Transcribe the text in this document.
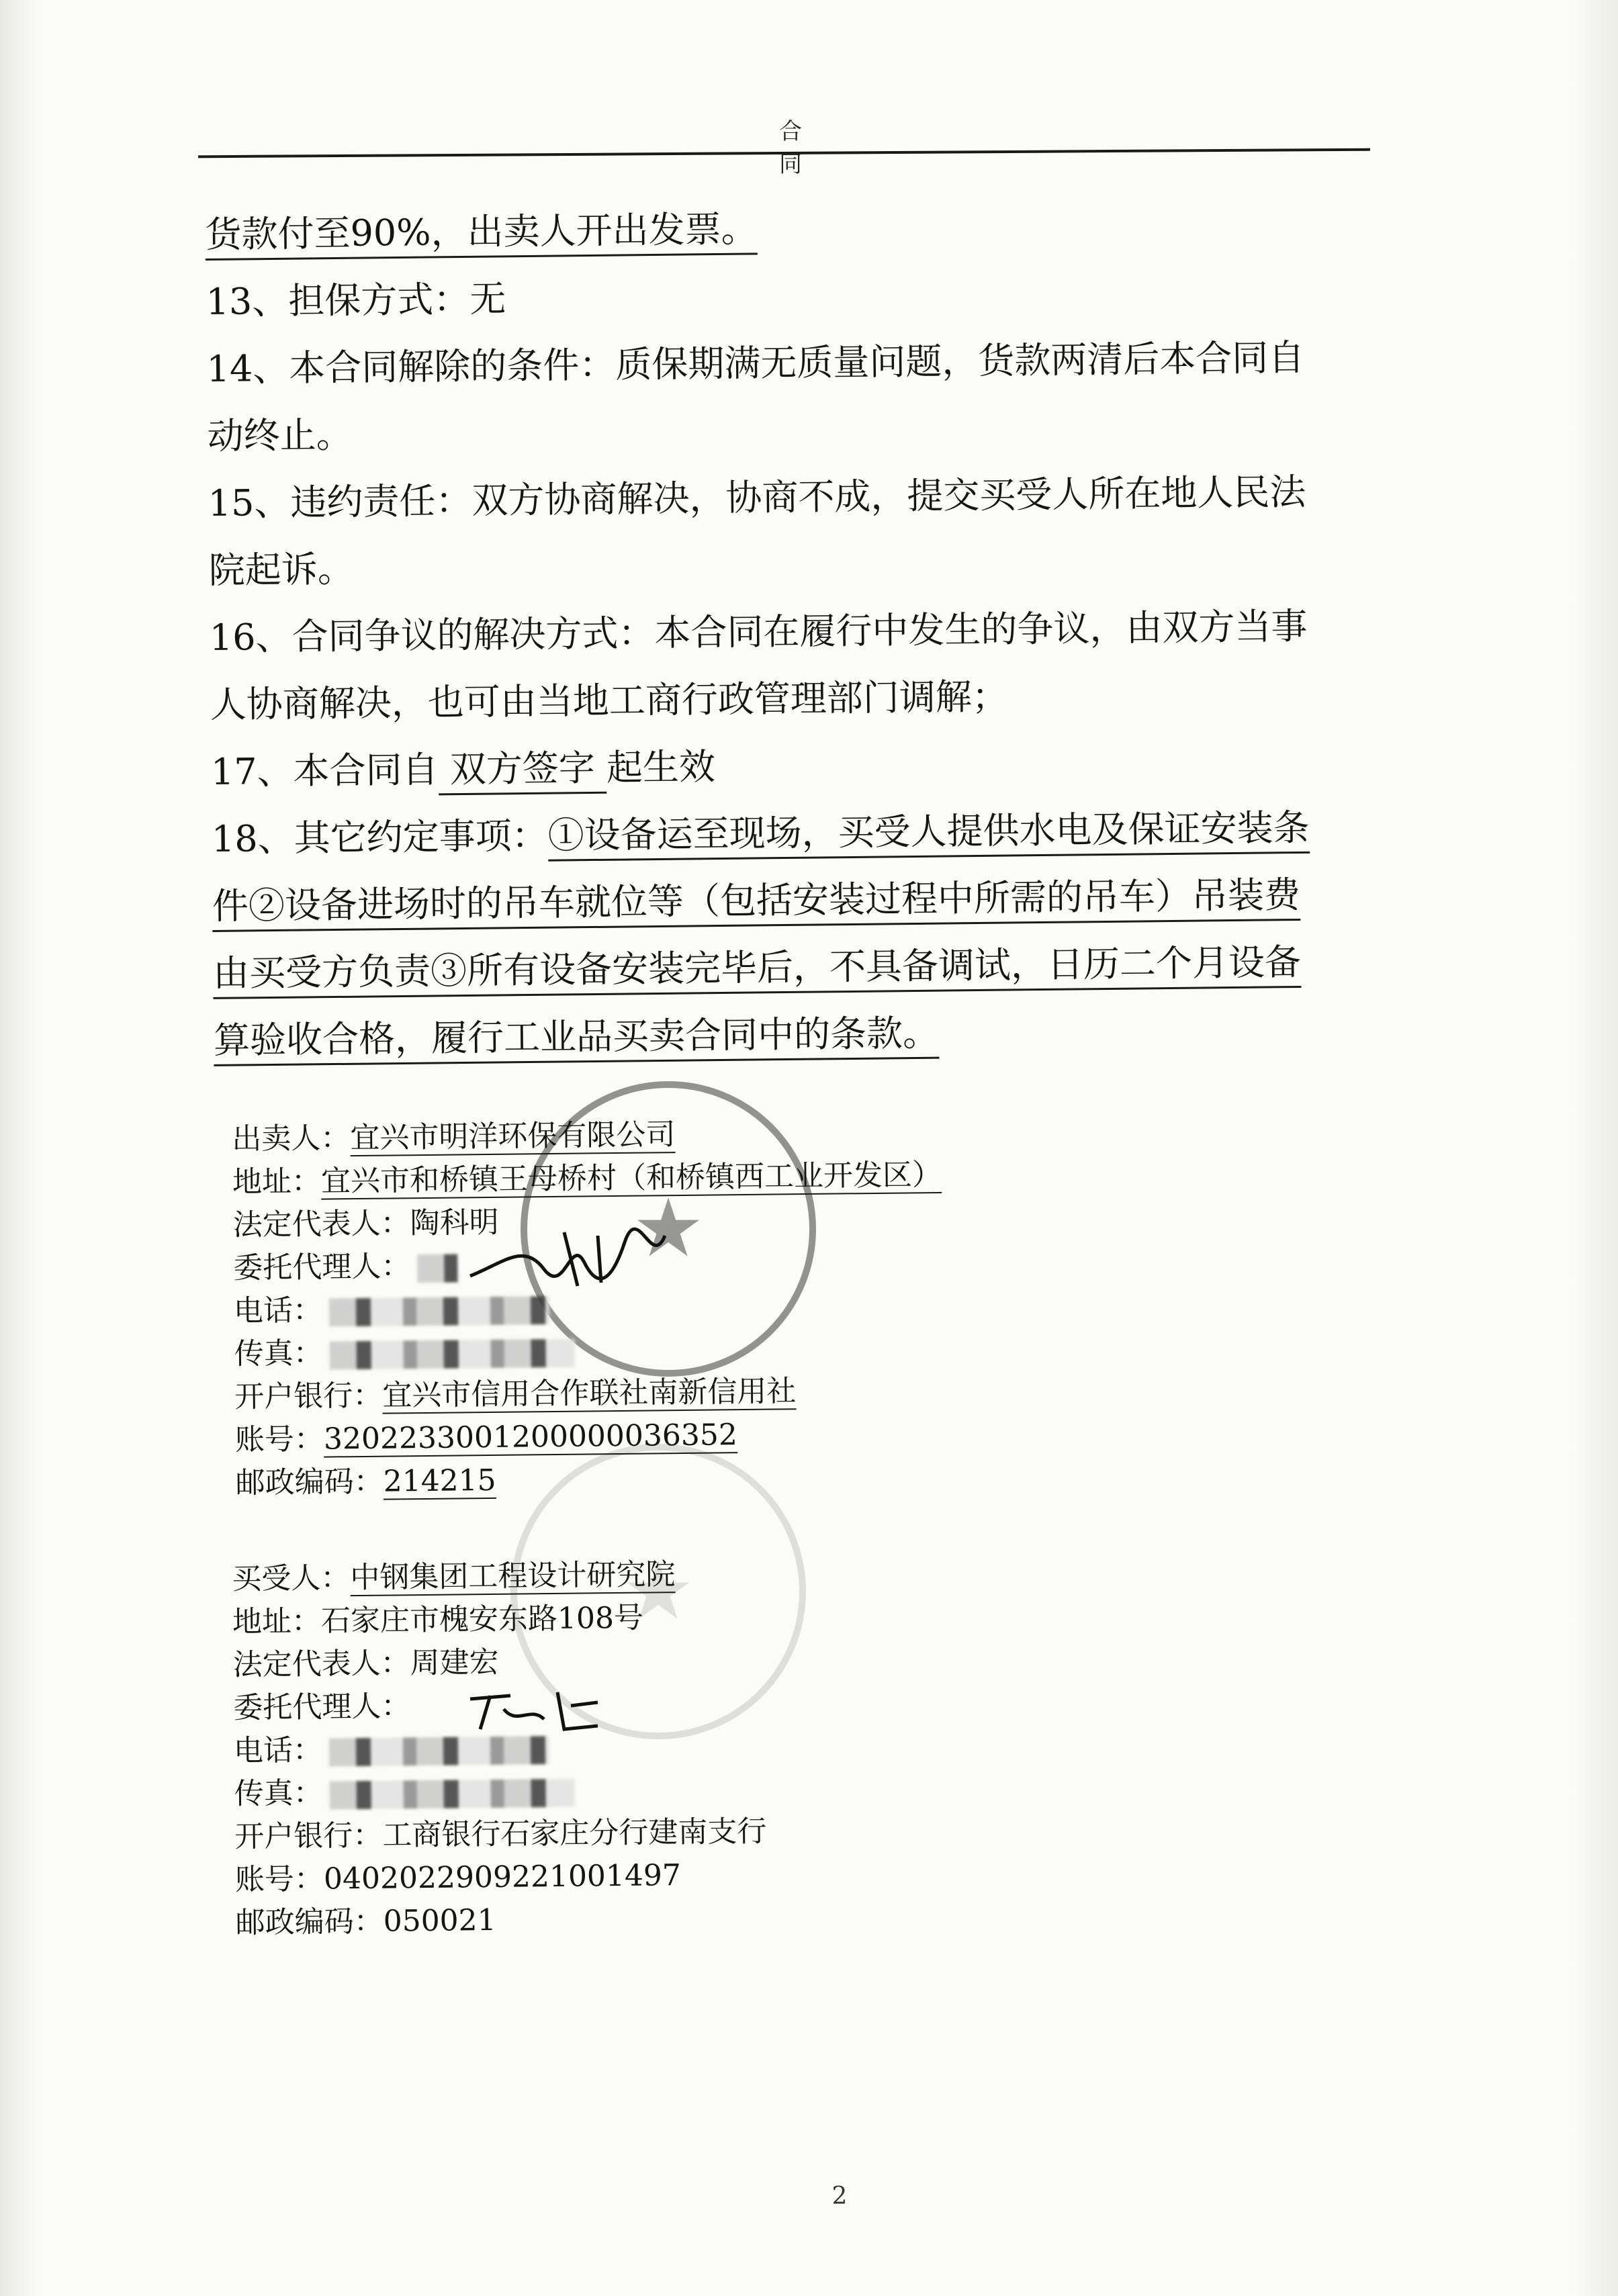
合 同
货款付至90%，出卖人开出发票。
13、担保方式：无
14、本合同解除的条件：质保期满无质量问题，货款两清后本合同自
动终止。
15、违约责任：双方协商解决，协商不成，提交买受人所在地人民法
院起诉。
16、合同争议的解决方式：本合同在履行中发生的争议，由双方当事
人协商解决，也可由当地工商行政管理部门调解；
17、本合同自 双方签字 起生效
18、其它约定事项：①设备运至现场，买受人提供水电及保证安装条
件②设备进场时的吊车就位等（包括安装过程中所需的吊车）吊装费
由买受方负责③所有设备安装完毕后，不具备调试，日历二个月设备
算验收合格，履行工业品买卖合同中的条款。
★
★
出卖人：宜兴市明洋环保有限公司
地址：宜兴市和桥镇王母桥村（和桥镇西工业开发区）
法定代表人：陶科明
委托代理人：
电话：
传真：
开户银行：宜兴市信用合作联社南新信用社
账号：3202233001200000036352
邮政编码：214215
买受人：中钢集团工程设计研究院
地址：石家庄市槐安东路108号
法定代表人：周建宏
委托代理人：
电话：
传真：
开户银行：工商银行石家庄分行建南支行
账号：0402022909221001497
邮政编码：050021
2
